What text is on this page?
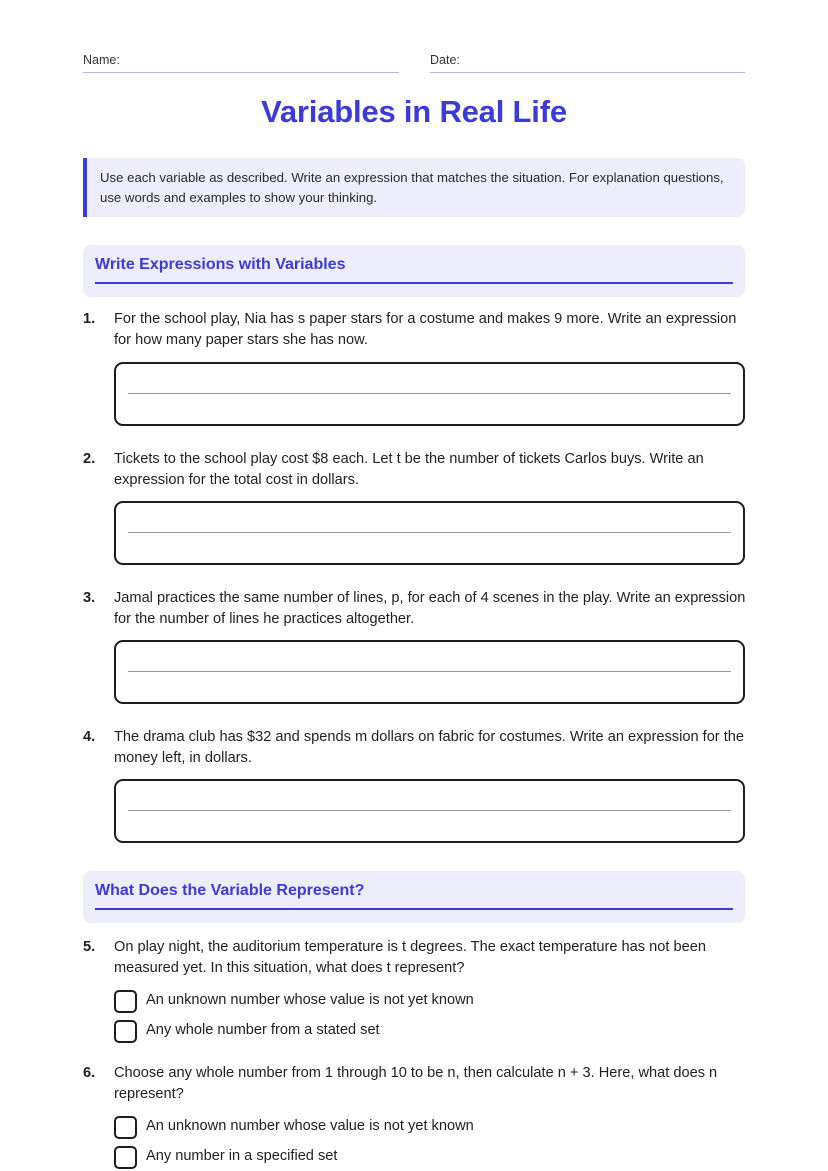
Name:	Date:
Variables in Real Life
Use each variable as described. Write an expression that matches the situation. For explanation questions, use words and examples to show your thinking.
Write Expressions with Variables
1. For the school play, Nia has s paper stars for a costume and makes 9 more. Write an expression for how many paper stars she has now.
2. Tickets to the school play cost $8 each. Let t be the number of tickets Carlos buys. Write an expression for the total cost in dollars.
3. Jamal practices the same number of lines, p, for each of 4 scenes in the play. Write an expression for the number of lines he practices altogether.
4. The drama club has $32 and spends m dollars on fabric for costumes. Write an expression for the money left, in dollars.
What Does the Variable Represent?
5. On play night, the auditorium temperature is t degrees. The exact temperature has not been measured yet. In this situation, what does t represent?
An unknown number whose value is not yet known
Any whole number from a stated set
6. Choose any whole number from 1 through 10 to be n, then calculate n + 3. Here, what does n represent?
An unknown number whose value is not yet known
Any number in a specified set
